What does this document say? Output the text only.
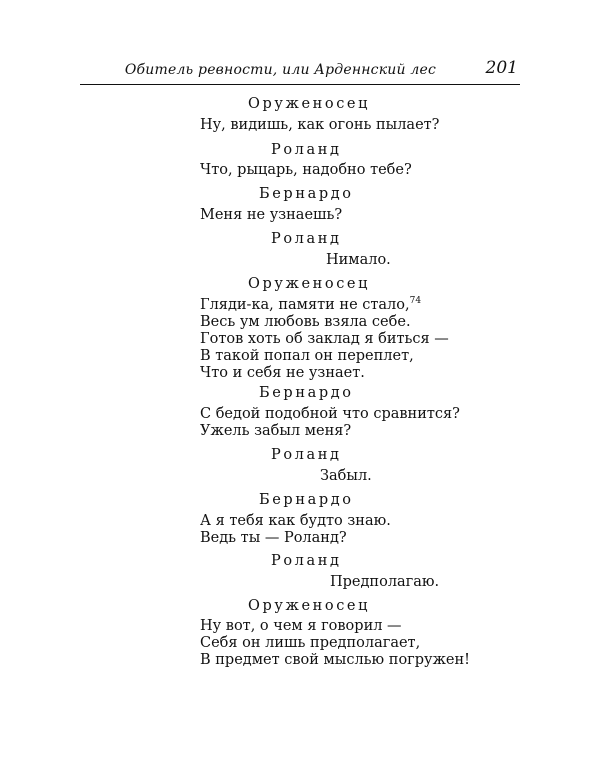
Обитель ревности, или Арденнский лес	201
Оруженосец
Ну, видишь, как огонь пылает?
Роланд
Что, рыцарь, надобно тебе?
Бернардо
Меня не узнаешь?
Роланд
Нимало.
Оруженосец
Гляди-ка, памяти не стало,$^{74}$
Весь ум любовь взяла себе.
Готов хоть об заклад я биться —
В такой попал он переплет,
Что и себя не узнает.
Бернардо
С бедой подобной что сравнится?
Ужель забыл меня?
Роланд
Забыл.
Бернардо
А я тебя как будто знаю.
Ведь ты — Роланд?
Роланд
Предполагаю.
Оруженосец
Ну вот, о чем я говорил —
Себя он лишь предполагает,
В предмет свой мыслью погружен!
